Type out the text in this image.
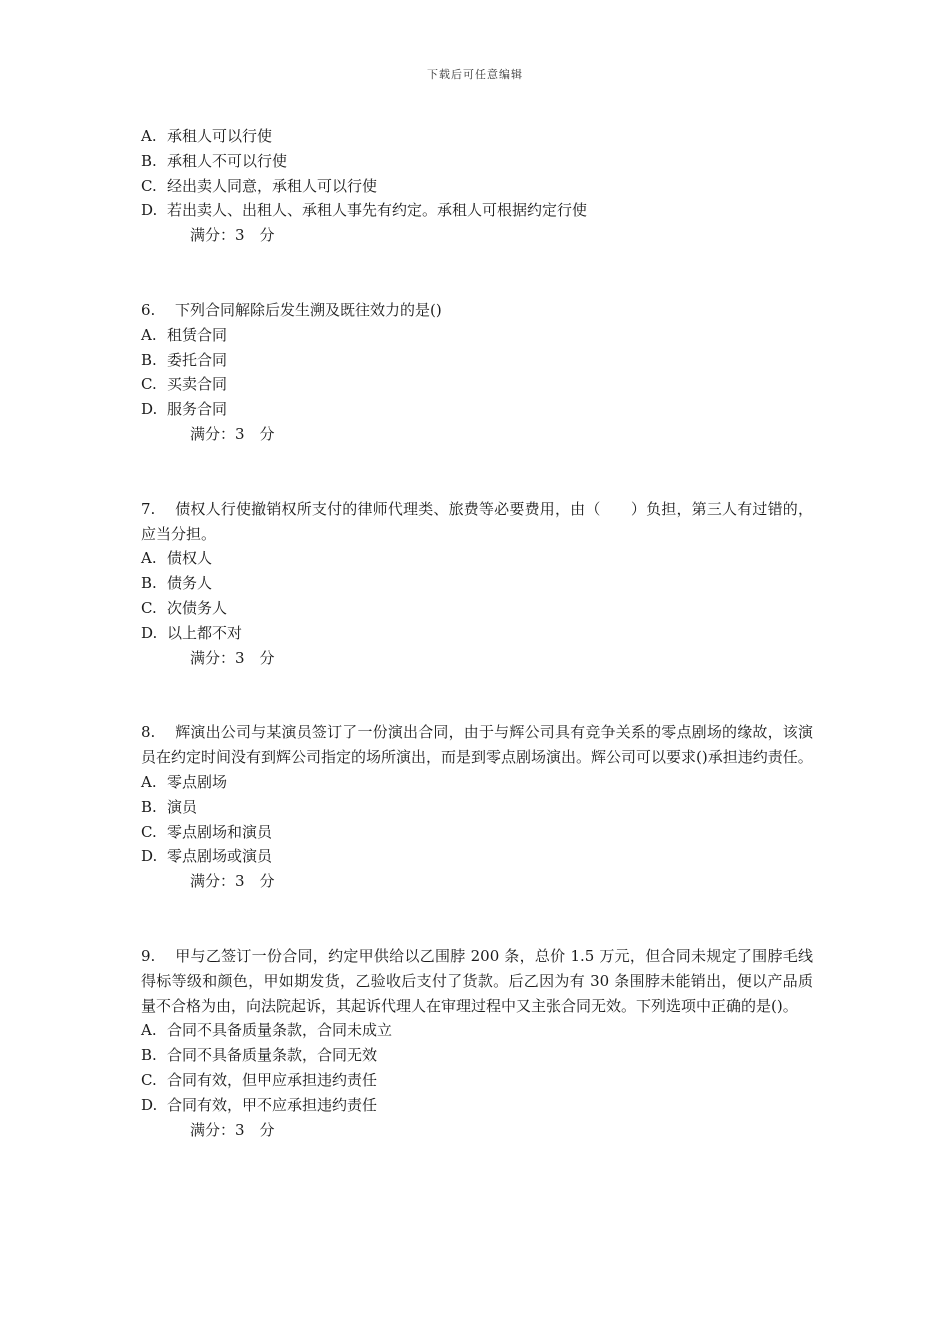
下载后可任意编辑
A. 承租人可以行使
B. 承租人不可以行使
C. 经出卖人同意，承租人可以行使
D. 若出卖人、出租人、承租人事先有约定。承租人可根据约定行使
满分：3　分
6. 下列合同解除后发生溯及既往效力的是()
A. 租赁合同
B. 委托合同
C. 买卖合同
D. 服务合同
满分：3　分
7. 债权人行使撤销权所支付的律师代理类、旅费等必要费用，由（　　）负担，第三人有过错的，应当分担。
A. 债权人
B. 债务人
C. 次债务人
D. 以上都不对
满分：3　分
8. 辉演出公司与某演员签订了一份演出合同，由于与辉公司具有竞争关系的零点剧场的缘故，该演员在约定时间没有到辉公司指定的场所演出，而是到零点剧场演出。辉公司可以要求()承担违约责任。
A. 零点剧场
B. 演员
C. 零点剧场和演员
D. 零点剧场或演员
满分：3　分
9. 甲与乙签订一份合同，约定甲供给以乙围脖 200 条，总价 1.5 万元，但合同未规定了围脖毛线得标等级和颜色，甲如期发货，乙验收后支付了货款。后乙因为有 30 条围脖未能销出，便以产品质量不合格为由，向法院起诉，其起诉代理人在审理过程中又主张合同无效。下列选项中正确的是()。
A. 合同不具备质量条款，合同未成立
B. 合同不具备质量条款，合同无效
C. 合同有效，但甲应承担违约责任
D. 合同有效，甲不应承担违约责任
满分：3　分
